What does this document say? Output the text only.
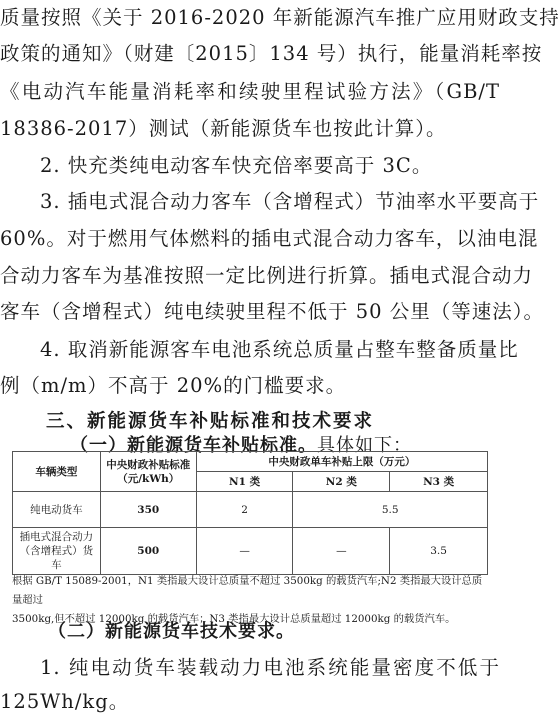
质量按照《关于 2016-2020 年新能源汽车推广应用财政支持
政策的通知》（财建〔2015〕134 号）执行，能量消耗率按
《电动汽车能量消耗率和续驶里程试验方法》（GB/T
18386-2017）测试（新能源货车也按此计算）。
2. 快充类纯电动客车快充倍率要高于 3C。
3. 插电式混合动力客车（含增程式）节油率水平要高于
60%。对于燃用气体燃料的插电式混合动力客车，以油电混
合动力客车为基准按照一定比例进行折算。插电式混合动力
客车（含增程式）纯电续驶里程不低于 50 公里（等速法）。
4. 取消新能源客车电池系统总质量占整车整备质量比
例（m/m）不高于 20%的门槛要求。
三、新能源货车补贴标准和技术要求
（一）新能源货车补贴标准。具体如下：
车辆类型	中央财政补贴标准（元/kWh）	中央财政单车补贴上限（万元）		
		N1 类	N2 类	N3 类
纯电动货车	350	2	5.5	
插电式混合动力（含增程式）货车	500	—	—	3.5
根据 GB/T 15089-2001，N1 类指最大设计总质量不超过 3500kg 的载货汽车;N2 类指最大设计总质量超过
3500kg,但不超过 12000kg 的载货汽车；N3 类指最大设计总质量超过 12000kg 的载货汽车。
（二）新能源货车技术要求。
1. 纯电动货车装载动力电池系统能量密度不低于
125Wh/kg。
